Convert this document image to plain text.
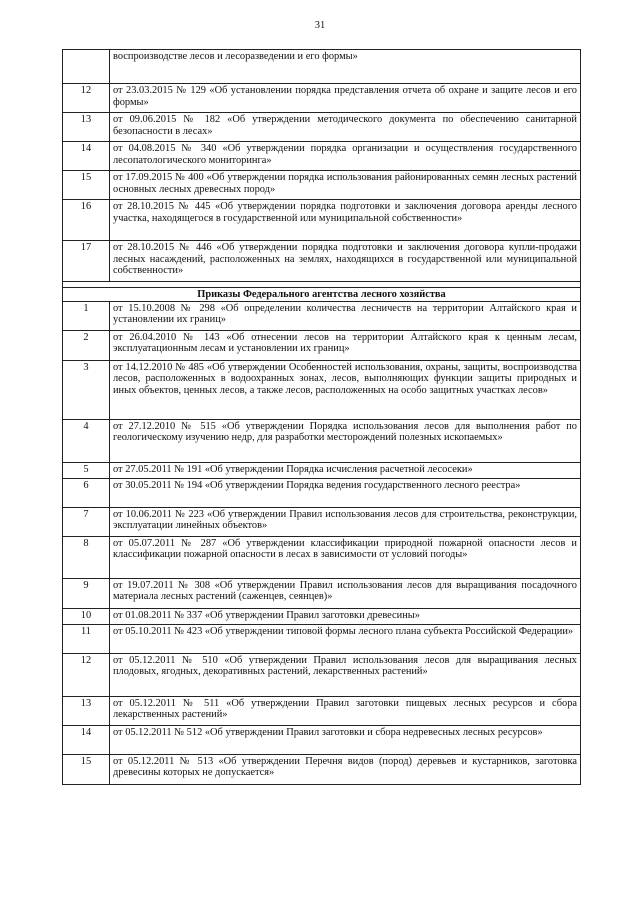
31
	воспроизводстве лесов и лесоразведении и его формы»
12	от 23.03.2015 № 129 «Об установлении порядка представления отчета об охране и защите лесов и его формы»
13	от 09.06.2015 № 182 «Об утверждении методического документа по обеспечению санитарной безопасности в лесах»
14	от 04.08.2015 № 340 «Об утверждении порядка организации и осуществления государственного лесопатологического мониторинга»
15	от 17.09.2015 № 400 «Об утверждении порядка использования районированных семян лесных растений основных лесных древесных пород»
16	от 28.10.2015 № 445 «Об утверждении порядка подготовки и заключения договора аренды лесного участка, находящегося в государственной или муниципальной собственности»
17	от 28.10.2015 № 446 «Об утверждении порядка подготовки и заключения договора купли-продажи лесных насаждений, расположенных на землях, находящихся в государственной или муниципальной собственности»

Приказы Федерального агентства лесного хозяйства	
1	от 15.10.2008 № 298 «Об определении количества лесничеств на территории Алтайского края и установлении их границ»
2	от 26.04.2010 № 143 «Об отнесении лесов на территории Алтайского края к ценным лесам, эксплуатационным лесам и установлении их границ»
3	от 14.12.2010 № 485 «Об утверждении Особенностей использования, охраны, защиты, воспроизводства лесов, расположенных в водоохранных зонах, лесов, выполняющих функции защиты природных и иных объектов, ценных лесов, а также лесов, расположенных на особо защитных участках лесов»
4	от 27.12.2010 № 515 «Об утверждении Порядка использования лесов для выполнения работ по геологическому изучению недр, для разработки месторождений полезных ископаемых»
5	от 27.05.2011 № 191 «Об утверждении Порядка исчисления расчетной лесосеки»
6	от 30.05.2011 № 194 «Об утверждении Порядка ведения государственного лесного реестра»
7	от 10.06.2011 № 223 «Об утверждении Правил использования лесов для строительства, реконструкции, эксплуатации линейных объектов»
8	от 05.07.2011 № 287 «Об утверждении классификации природной пожарной опасности лесов и классификации пожарной опасности в лесах в зависимости от условий погоды»
9	от 19.07.2011 № 308 «Об утверждении Правил использования лесов для выращивания посадочного материала лесных растений (саженцев, сеянцев)»
10	от 01.08.2011 № 337 «Об утверждении Правил заготовки древесины»
11	от 05.10.2011 № 423 «Об утверждении типовой формы лесного плана субъекта Российской Федерации»
12	от 05.12.2011 № 510 «Об утверждении Правил использования лесов для выращивания лесных плодовых, ягодных, декоративных растений, лекарственных растений»
13	от 05.12.2011 № 511 «Об утверждении Правил заготовки пищевых лесных ресурсов и сбора лекарственных растений»
14	от 05.12.2011 № 512 «Об утверждении Правил заготовки и сбора недревесных лесных ресурсов»
15	от 05.12.2011 № 513 «Об утверждении Перечня видов (пород) деревьев и кустарников, заготовка древесины которых не допускается»
